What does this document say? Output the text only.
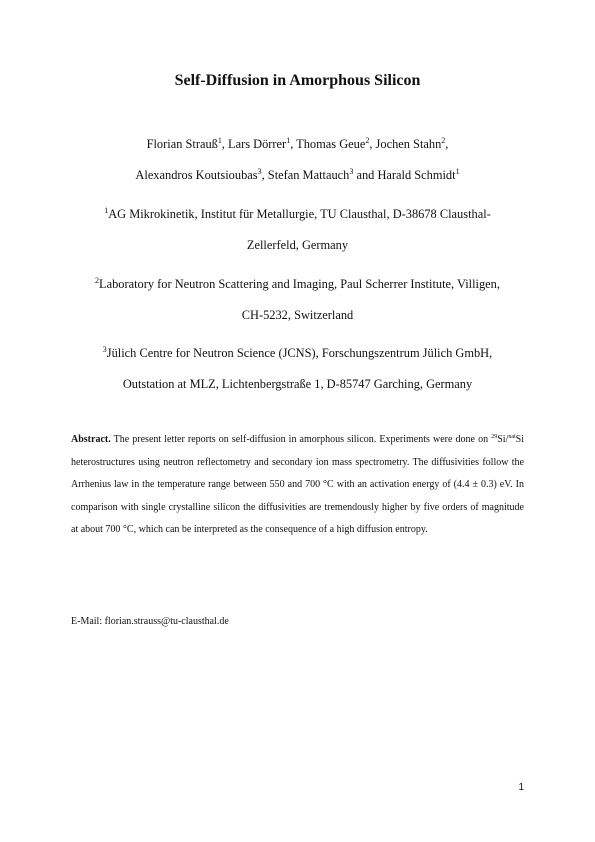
Self-Diffusion in Amorphous Silicon
Florian Strauß$^1$, Lars Dörrer$^1$, Thomas Geue$^2$, Jochen Stahn$^2$,
Alexandros Koutsioubas$^3$, Stefan Mattauch$^3$ and Harald Schmidt$^1$
$^1$AG Mikrokinetik, Institut für Metallurgie, TU Clausthal, D-38678 Clausthal-
Zellerfeld, Germany
$^2$Laboratory for Neutron Scattering and Imaging, Paul Scherrer Institute, Villigen,
CH-5232, Switzerland
$^3$Jülich Centre for Neutron Science (JCNS), Forschungszentrum Jülich GmbH,
Outstation at MLZ, Lichtenbergstraße 1, D-85747 Garching, Germany
Abstract. The present letter reports on self-diffusion in amorphous silicon. Experiments were done on $^{29}$Si/$^{nat}$Si heterostructures using neutron reflectometry and secondary ion mass spectrometry. The diffusivities follow the Arrhenius law in the temperature range between 550 and 700 °C with an activation energy of (4.4 ± 0.3) eV. In comparison with single crystalline silicon the diffusivities are tremendously higher by five orders of magnitude at about 700 °C, which can be interpreted as the consequence of a high diffusion entropy.
E-Mail: florian.strauss@tu-clausthal.de
1
